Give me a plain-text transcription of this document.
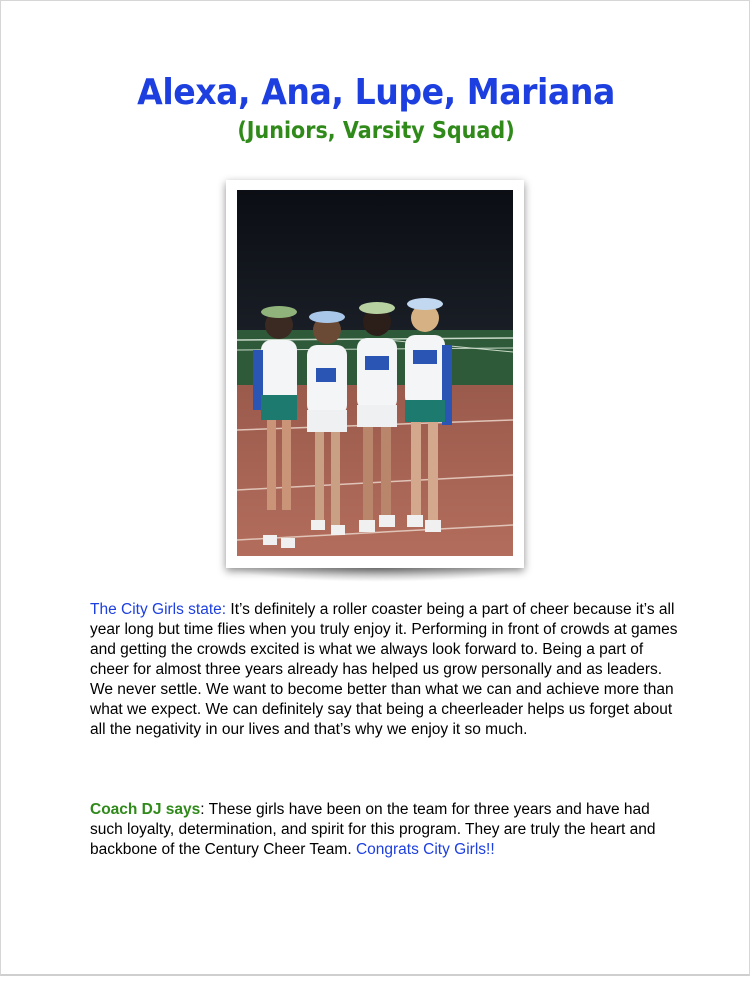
Alexa, Ana, Lupe, Mariana
(Juniors, Varsity Squad)
The City Girls state: It’s definitely a roller coaster being a part of cheer because it’s all year long but time flies when you truly enjoy it. Performing in front of crowds at games and getting the crowds excited is what we always look forward to. Being a part of cheer for almost three years already has helped us grow personally and as leaders. We never settle. We want to become better than what we can and achieve more than what we expect. We can definitely say that being a cheerleader helps us forget about all the negativity in our lives and that’s why we enjoy it so much.
Coach DJ says: These girls have been on the team for three years and have had such loyalty, determination, and spirit for this program. They are truly the heart and backbone of the Century Cheer Team. Congrats City Girls!!
